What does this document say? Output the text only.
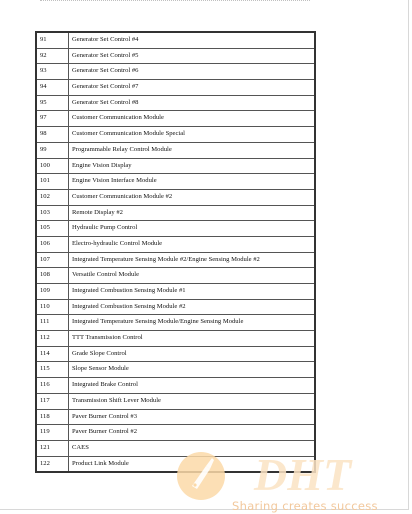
91	Generator Set Control #4
92	Generator Set Control #5
93	Generator Set Control #6
94	Generator Set Control #7
95	Generator Set Control #8
97	Customer Communication Module
98	Customer Communication Module Special
99	Programmable Relay Control Module
100	Engine Vision Display
101	Engine Vision Interface Module
102	Customer Communication Module #2
103	Remote Display #2
105	Hydraulic Pump Control
106	Electro-hydraulic Control Module
107	Integrated Temperature Sensing Module #2/Engine Sensing Module #2
108	Versatile Control Module
109	Integrated Combustion Sensing Module #1
110	Integrated Combustion Sensing Module #2
111	Integrated Temperature Sensing Module/Engine Sensing Module
112	TTT Transmission Control
114	Grade Slope Control
115	Slope Sensor Module
116	Integrated Brake Control
117	Transmission Shift Lever Module
118	Paver Burner Control #3
119	Paver Burner Control #2
121	CAES
122	Product Link Module	DHT
Sharing creates success
